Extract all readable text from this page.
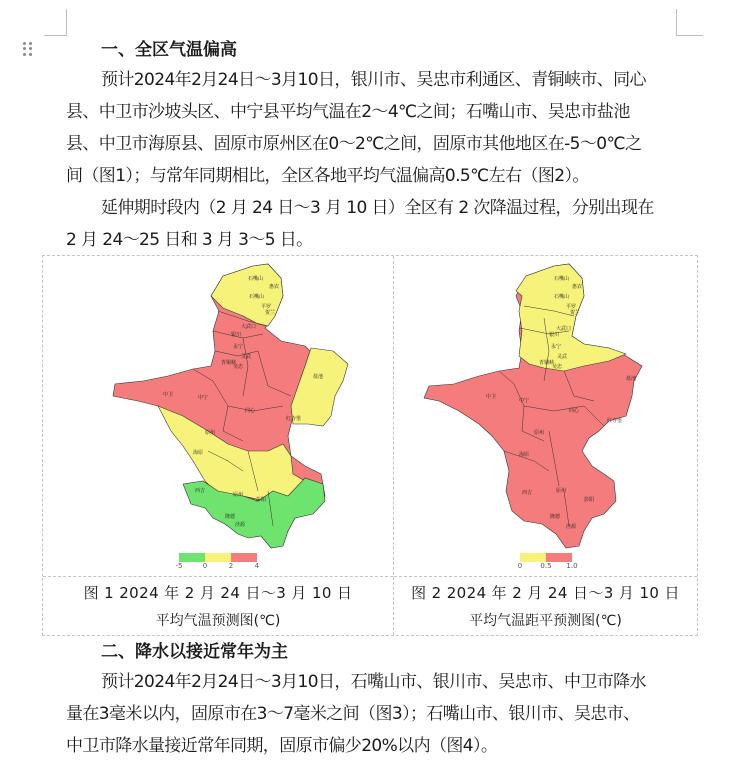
一、全区气温偏高
预计2024年2月24日～3月10日，银川市、吴忠市利通区、青铜峡市、同心
县、中卫市沙坡头区、中宁县平均气温在2～4℃之间；石嘴山市、吴忠市盐池
县、中卫市海原县、固原市原州区在0～2℃之间，固原市其他地区在-5～0℃之
间（图1）；与常年同期相比，全区各地平均气温偏高0.5℃左右（图2）。
延伸期时段内（2 月 24 日～3 月 10 日）全区有 2 次降温过程，分别出现在
2 月 24～25 日和 3 月 3～5 日。
石嘴山
惠农
石嘴山
平罗
贺兰
大武口
银川
永宁
灵武
青铜峡
吴忠
盐池
中卫	中宁
同心
红寺堡
原州
海原
西吉
原州
彭阳
隆德
泾源
-5	0	2	4
图 1 2024 年 2 月 24 日～3 月 10 日
平均气温预测图(℃)
石嘴山
惠农
石嘴山
平罗
贺兰
大武口
银川
永宁
灵武
青铜峡
吴忠
盐池
中卫
中宁
同心
红寺堡
原州
海原
西吉	原州
彭阳
隆德
泾源
0	0.5 1.0
图 2 2024 年 2 月 24 日～3 月 10 日
平均气温距平预测图(℃)
二、降水以接近常年为主
预计2024年2月24日～3月10日，石嘴山市、银川市、吴忠市、中卫市降水
量在3毫米以内，固原市在3～7毫米之间（图3）；石嘴山市、银川市、吴忠市、
中卫市降水量接近常年同期，固原市偏少20%以内（图4）。
